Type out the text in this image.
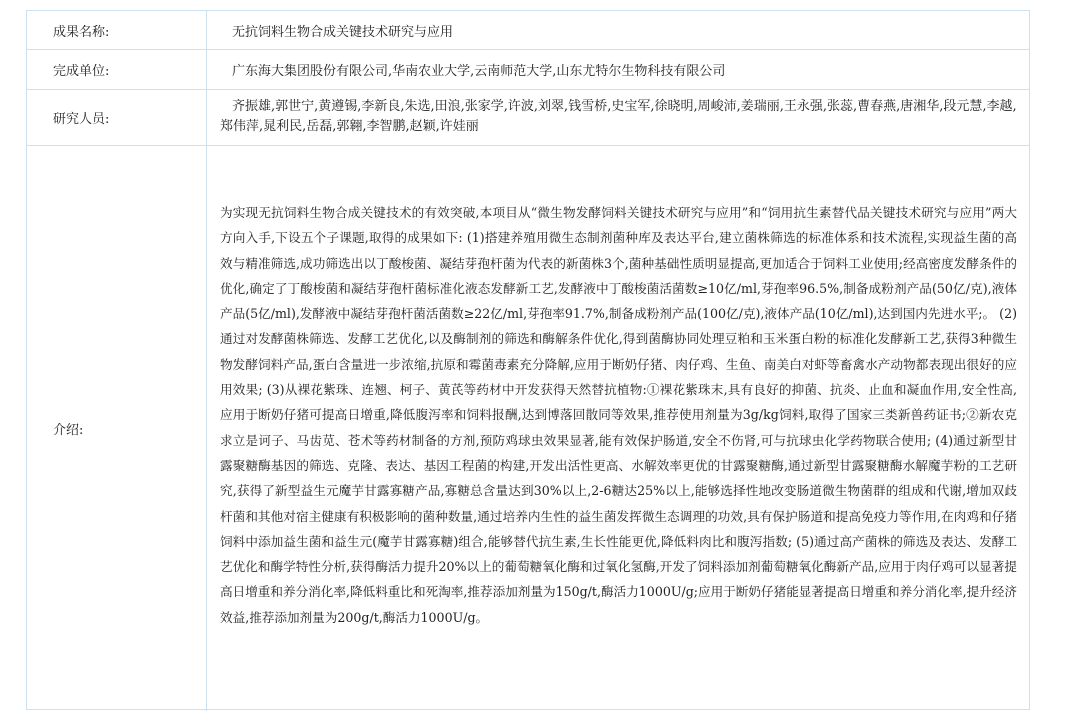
成果名称:	无抗饲料生物合成关键技术研究与应用
完成单位:	广东海大集团股份有限公司,华南农业大学,云南师范大学,山东尤特尔生物科技有限公司
研究人员:
齐振雄,郭世宁,黄遵锡,李新良,朱选,田浪,张家学,许波,刘翠,钱雪桥,史宝军,徐晓明,周峻沛,姜瑞丽,王永强,张蕊,曹春燕,唐湘华,段元慧,李越,郑伟萍,晁利民,岳磊,郭翱,李智鹏,赵颖,许娃丽
介绍:
为实现无抗饲料生物合成关键技术的有效突破,本项目从“微生物发酵饲料关键技术研究与应用”和“饲用抗生素替代品关键技术研究与应用”两大方向入手,下设五个子课题,取得的成果如下: (1)搭建养殖用微生态制剂菌种库及表达平台,建立菌株筛选的标准体系和技术流程,实现益生菌的高效与精准筛选,成功筛选出以丁酸梭菌、凝结芽孢杆菌为代表的新菌株3个,菌种基础性质明显提高,更加适合于饲料工业使用;经高密度发酵条件的优化,确定了丁酸梭菌和凝结芽孢杆菌标准化液态发酵新工艺,发酵液中丁酸梭菌活菌数≥10亿/ml,芽孢率96.5%,制备成粉剂产品(50亿/克),液体产品(5亿/ml),发酵液中凝结芽孢杆菌活菌数≥22亿/ml,芽孢率91.7%,制备成粉剂产品(100亿/克),液体产品(10亿/ml),达到国内先进水平;。 (2)通过对发酵菌株筛选、发酵工艺优化,以及酶制剂的筛选和酶解条件优化,得到菌酶协同处理豆粕和玉米蛋白粉的标准化发酵新工艺,获得3种微生物发酵饲料产品,蛋白含量进一步浓缩,抗原和霉菌毒素充分降解,应用于断奶仔猪、肉仔鸡、生鱼、南美白对虾等畜禽水产动物都表现出很好的应用效果; (3)从裸花紫珠、连翘、柯子、黄芪等药材中开发获得天然替抗植物:①裸花紫珠末,具有良好的抑菌、抗炎、止血和凝血作用,安全性高,应用于断奶仔猪可提高日增重,降低腹泻率和饲料报酬,达到博落回散同等效果,推荐使用剂量为3g/kg饲料,取得了国家三类新兽药证书;②新农克求立是诃子、马齿苋、苍术等药材制备的方剂,预防鸡球虫效果显著,能有效保护肠道,安全不伤肾,可与抗球虫化学药物联合使用; (4)通过新型甘露聚糖酶基因的筛选、克隆、表达、基因工程菌的构建,开发出活性更高、水解效率更优的甘露聚糖酶,通过新型甘露聚糖酶水解魔芋粉的工艺研究,获得了新型益生元魔芋甘露寡糖产品,寡糖总含量达到30%以上,2-6糖达25%以上,能够选择性地改变肠道微生物菌群的组成和代谢,增加双歧杆菌和其他对宿主健康有积极影响的菌种数量,通过培养内生性的益生菌发挥微生态调理的功效,具有保护肠道和提高免疫力等作用,在肉鸡和仔猪饲料中添加益生菌和益生元(魔芋甘露寡糖)组合,能够替代抗生素,生长性能更优,降低料肉比和腹泻指数; (5)通过高产菌株的筛选及表达、发酵工艺优化和酶学特性分析,获得酶活力提升20%以上的葡萄糖氧化酶和过氧化氢酶,开发了饲料添加剂葡萄糖氧化酶新产品,应用于肉仔鸡可以显著提高日增重和养分消化率,降低料重比和死淘率,推荐添加剂量为150g/t,酶活力1000U/g;应用于断奶仔猪能显著提高日增重和养分消化率,提升经济效益,推荐添加剂量为200g/t,酶活力1000U/g。
